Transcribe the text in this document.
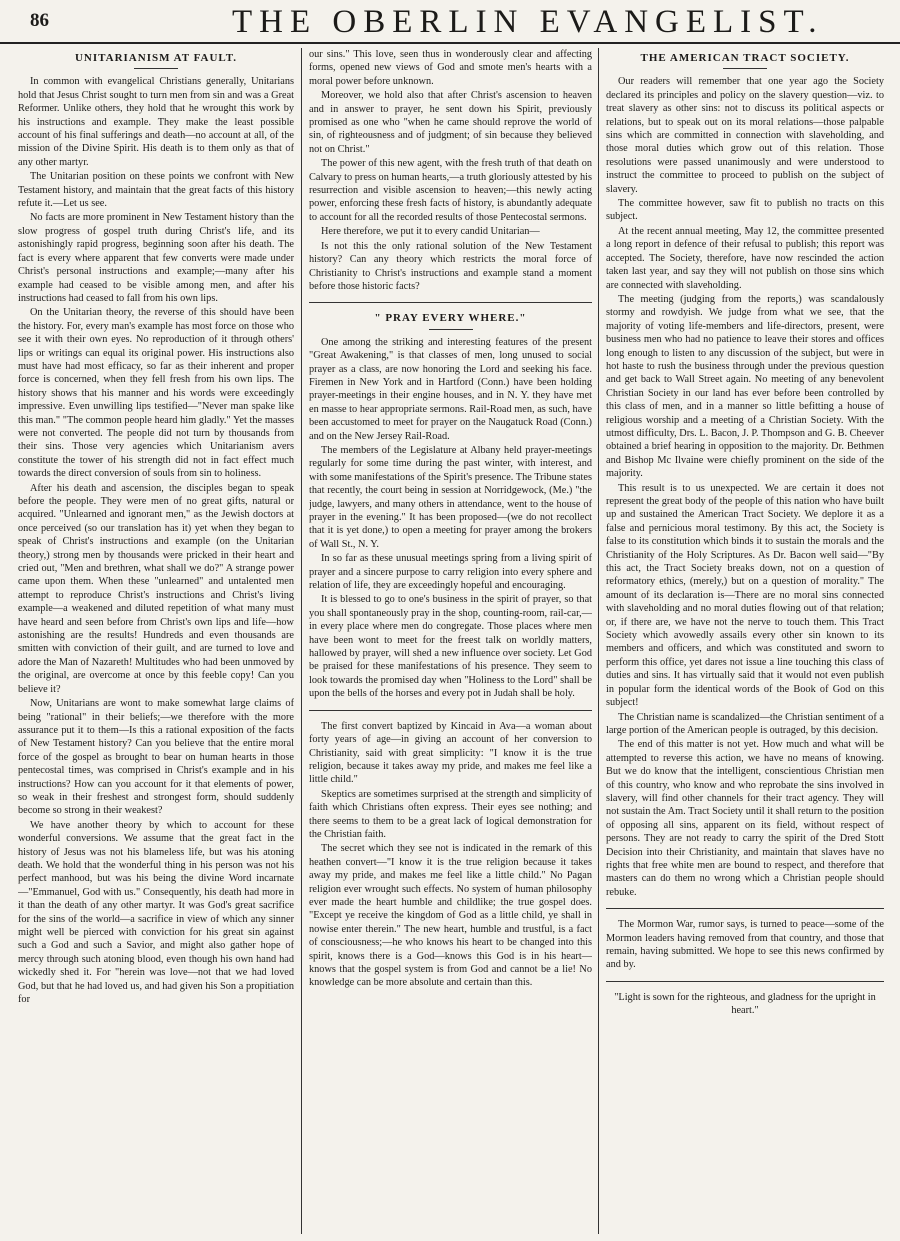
86	THE OBERLIN EVANGELIST.
UNITARIANISM AT FAULT.

In common with evangelical Christians generally, Unitarians hold that Jesus Christ sought to turn men from sin and was a Great Reformer. Unlike others, they hold that he wrought this work by his instructions and example. They make the least possible account of his final sufferings and death—no account at all, of the mission of the Divine Spirit. His death is to them only as that of any other martyr.

The Unitarian position on these points we confront with New Testament history, and maintain that the great facts of this history refute it.—Let us see.

No facts are more prominent in New Testament history than the slow progress of gospel truth during Christ's life, and its astonishingly rapid progress, beginning soon after his death. The fact is every where apparent that few converts were made under Christ's personal instructions and example;—many after his example had ceased to be visible among men, and after his instructions had ceased to fall from his own lips.

On the Unitarian theory, the reverse of this should have been the history. For, every man's example has most force on those who see it with their own eyes. No reproduction of it through others' lips or writings can equal its original power. His instructions also must have had most efficacy, so far as their inherent and proper force is concerned, when they fell fresh from his own lips. The history shows that his manner and his words were exceedingly impressive. Even unwilling lips testified—"Never man spake like this man." "The common people heard him gladly." Yet the masses were not converted. The people did not turn by thousands from their sins. Those very agencies which Unitarianism avers constitute the tower of his strength did not in fact effect much towards the direct conversion of souls from sin to holiness.

After his death and ascension, the disciples began to speak before the people. They were men of no great gifts, natural or acquired. "Unlearned and ignorant men," as the Jewish doctors at once perceived (so our translation has it) yet when they began to speak of Christ's instructions and example (on the Unitarian theory,) strong men by thousands were pricked in their heart and cried out, "Men and brethren, what shall we do?" A strange power came upon them. When these "unlearned" and untalented men attempt to reproduce Christ's instructions and Christ's living example—a weakened and diluted repetition of what many must have heard and seen before from Christ's own lips and life—how astonishing are the results! Hundreds and even thousands are smitten with conviction of their guilt, and are turned to love and adore the Man of Nazareth! Multitudes who had been unmoved by the original, are overcome at once by this feeble copy! Can you believe it?

Now, Unitarians are wont to make somewhat large claims of being "rational" in their beliefs;—we therefore with the more assurance put it to them—Is this a rational exposition of the facts of New Testament history? Can you believe that the entire moral force of the gospel as brought to bear on human hearts in those pentecostal times, was comprised in Christ's example and in his instructions? How can you account for it that elements of power, so weak in their freshest and strongest form, should suddenly become so strong in their weakest?

We have another theory by which to account for these wonderful conversions. We assume that the great fact in the history of Jesus was not his blameless life, but was his atoning death. We hold that the wonderful thing in his person was not his perfect manhood, but was his being the divine Word incarnate—"Emmanuel, God with us." Consequently, his death had more in it than the death of any other martyr. It was God's great sacrifice for the sins of the world—a sacrifice in view of which any sinner might well be pierced with conviction for his great sin against such a God and such a Savior, and might also gather hope of mercy through such atoning blood, even though his own hand had wickedly shed it. For "herein was love—not that we had loved God, but that he had loved us, and had given his Son a propitiation for

our sins." This love, seen thus in wonderously clear and affecting forms, opened new views of God and smote men's hearts with a moral power before unknown.

Moreover, we hold also that after Christ's ascension to heaven and in answer to prayer, he sent down his Spirit, previously promised as one who "when he came should reprove the world of sin, of righteousness and of judgment; of sin because they believed not on Christ."

The power of this new agent, with the fresh truth of that death on Calvary to press on human hearts,—a truth gloriously attested by his resurrection and visible ascension to heaven;—this newly acting power, enforcing these fresh facts of history, is abundantly adequate to account for all the recorded results of those Pentecostal sermons.

Here therefore, we put it to every candid Unitarian—

Is not this the only rational solution of the New Testament history? Can any theory which restricts the moral force of Christianity to Christ's instructions and example stand a moment before those historic facts?

" PRAY EVERY WHERE."

One among the striking and interesting features of the present "Great Awakening," is that classes of men, long unused to social prayer as a class, are now honoring the Lord and seeking his face. Firemen in New York and in Hartford (Conn.) have been holding prayer-meetings in their engine houses, and in N. Y. they have met en masse to hear appropriate sermons. Rail-Road men, as such, have been accustomed to meet for prayer on the Naugatuck Road (Conn.) and on the New Jersey Rail-Road.

The members of the Legislature at Albany held prayer-meetings regularly for some time during the past winter, with interest, and with some manifestations of the Spirit's presence. The Tribune states that recently, the court being in session at Norridgewock, (Me.) "the judge, lawyers, and many others in attendance, went to the house of prayer in the evening." It has been proposed—(we do not recollect that it is yet done,) to open a meeting for prayer among the brokers of Wall St., N. Y.

In so far as these unusual meetings spring from a living spirit of prayer and a sincere purpose to carry religion into every sphere and relation of life, they are exceedingly hopeful and encouraging.

It is blessed to go to one's business in the spirit of prayer, so that you shall spontaneously pray in the shop, counting-room, rail-car,—in every place where men do congregate. Those places where men have been wont to meet for the freest talk on worldly matters, hallowed by prayer, will shed a new influence over society. Let God be praised for these manifestations of his presence. They seem to look towards the promised day when "Holiness to the Lord" shall be upon the bells of the horses and every pot in Judah shall be holy.

The first convert baptized by Kincaid in Ava—a woman about forty years of age—in giving an account of her conversion to Christianity, said with great simplicity: "I know it is the true religion, because it takes away my pride, and makes me feel like a little child."

Skeptics are sometimes surprised at the strength and simplicity of faith which Christians often express. Their eyes see nothing; and there seems to them to be a great lack of logical demonstration for the Christian faith.

The secret which they see not is indicated in the remark of this heathen convert—"I know it is the true religion because it takes away my pride, and makes me feel like a little child." No Pagan religion ever wrought such effects. No system of human philosophy ever made the heart humble and childlike; the true gospel does. "Except ye receive the kingdom of God as a little child, ye shall in nowise enter therein." The new heart, humble and trustful, is a fact of consciousness;—he who knows his heart to be changed into this spirit, knows there is a God—knows this God is in his heart—knows that the gospel system is from God and cannot be a lie! No knowledge can be more absolute and certain than this.

THE AMERICAN TRACT SOCIETY.

Our readers will remember that one year ago the Society declared its principles and policy on the slavery question—viz. to treat slavery as other sins: not to discuss its political aspects or relations, but to speak out on its moral relations—those palpable sins which are committed in connection with slaveholding, and those moral duties which grow out of this relation. Those resolutions were passed unanimously and were understood to instruct the committee to proceed to publish on the subject of slavery.

The committee however, saw fit to publish no tracts on this subject.

At the recent annual meeting, May 12, the committee presented a long report in defence of their refusal to publish; this report was accepted. The Society, therefore, have now rescinded the action taken last year, and say they will not publish on those sins which are connected with slaveholding.

The meeting (judging from the reports,) was scandalously stormy and rowdyish. We judge from what we see, that the majority of voting life-members and life-directors, present, were business men who had no patience to leave their stores and offices long enough to listen to any discussion of the subject, but were in hot haste to rush the business through under the previous question and get back to Wall Street again. No meeting of any benevolent Christian Society in our land has ever before been controlled by this class of men, and in a manner so little befitting a house of religious worship and a meeting of a Christian Society. With the utmost difficulty, Drs. L. Bacon, J. P. Thompson and G. B. Cheever obtained a brief hearing in opposition to the majority. Dr. Bethmen and Bishop Mc Ilvaine were chiefly prominent on the side of the majority.

This result is to us unexpected. We are certain it does not represent the great body of the people of this nation who have built up and sustained the American Tract Society. We deplore it as a false and pernicious moral testimony. By this act, the Society is false to its constitution which binds it to sustain the morals and the Christianity of the Holy Scriptures. As Dr. Bacon well said—"By this act, the Tract Society breaks down, not on a question of reformatory ethics, (merely,) but on a question of morality." The amount of its declaration is—There are no moral sins connected with slaveholding and no moral duties flowing out of that relation; or, if there are, we have not the nerve to touch them. This Tract Society which avowedly assails every other sin known to its members and officers, and which was constituted and sworn to perform this office, yet dares not issue a line touching this class of duties and sins. It has virtually said that it would not even publish in popular form the identical words of the Book of God on this subject!

The Christian name is scandalized—the Christian sentiment of a large portion of the American people is outraged, by this decision.

The end of this matter is not yet. How much and what will be attempted to reverse this action, we have no means of knowing. But we do know that the intelligent, conscientious Christian men of this country, who know and who reprobate the sins involved in slavery, will find other channels for their tract agency. They will not sustain the Am. Tract Society until it shall return to the position of opposing all sins, apparent on its field, without respect of persons. They are not ready to carry the spirit of the Dred Stott Decision into their Christianity, and maintain that slaves have no rights that free white men are bound to respect, and therefore that masters can do them no wrong which a Christian people should rebuke.

The Mormon War, rumor says, is turned to peace—some of the Mormon leaders having removed from that country, and those that remain, having submitted. We hope to see this news confirmed by and by.

"Light is sown for the righteous, and gladness for the upright in heart."
